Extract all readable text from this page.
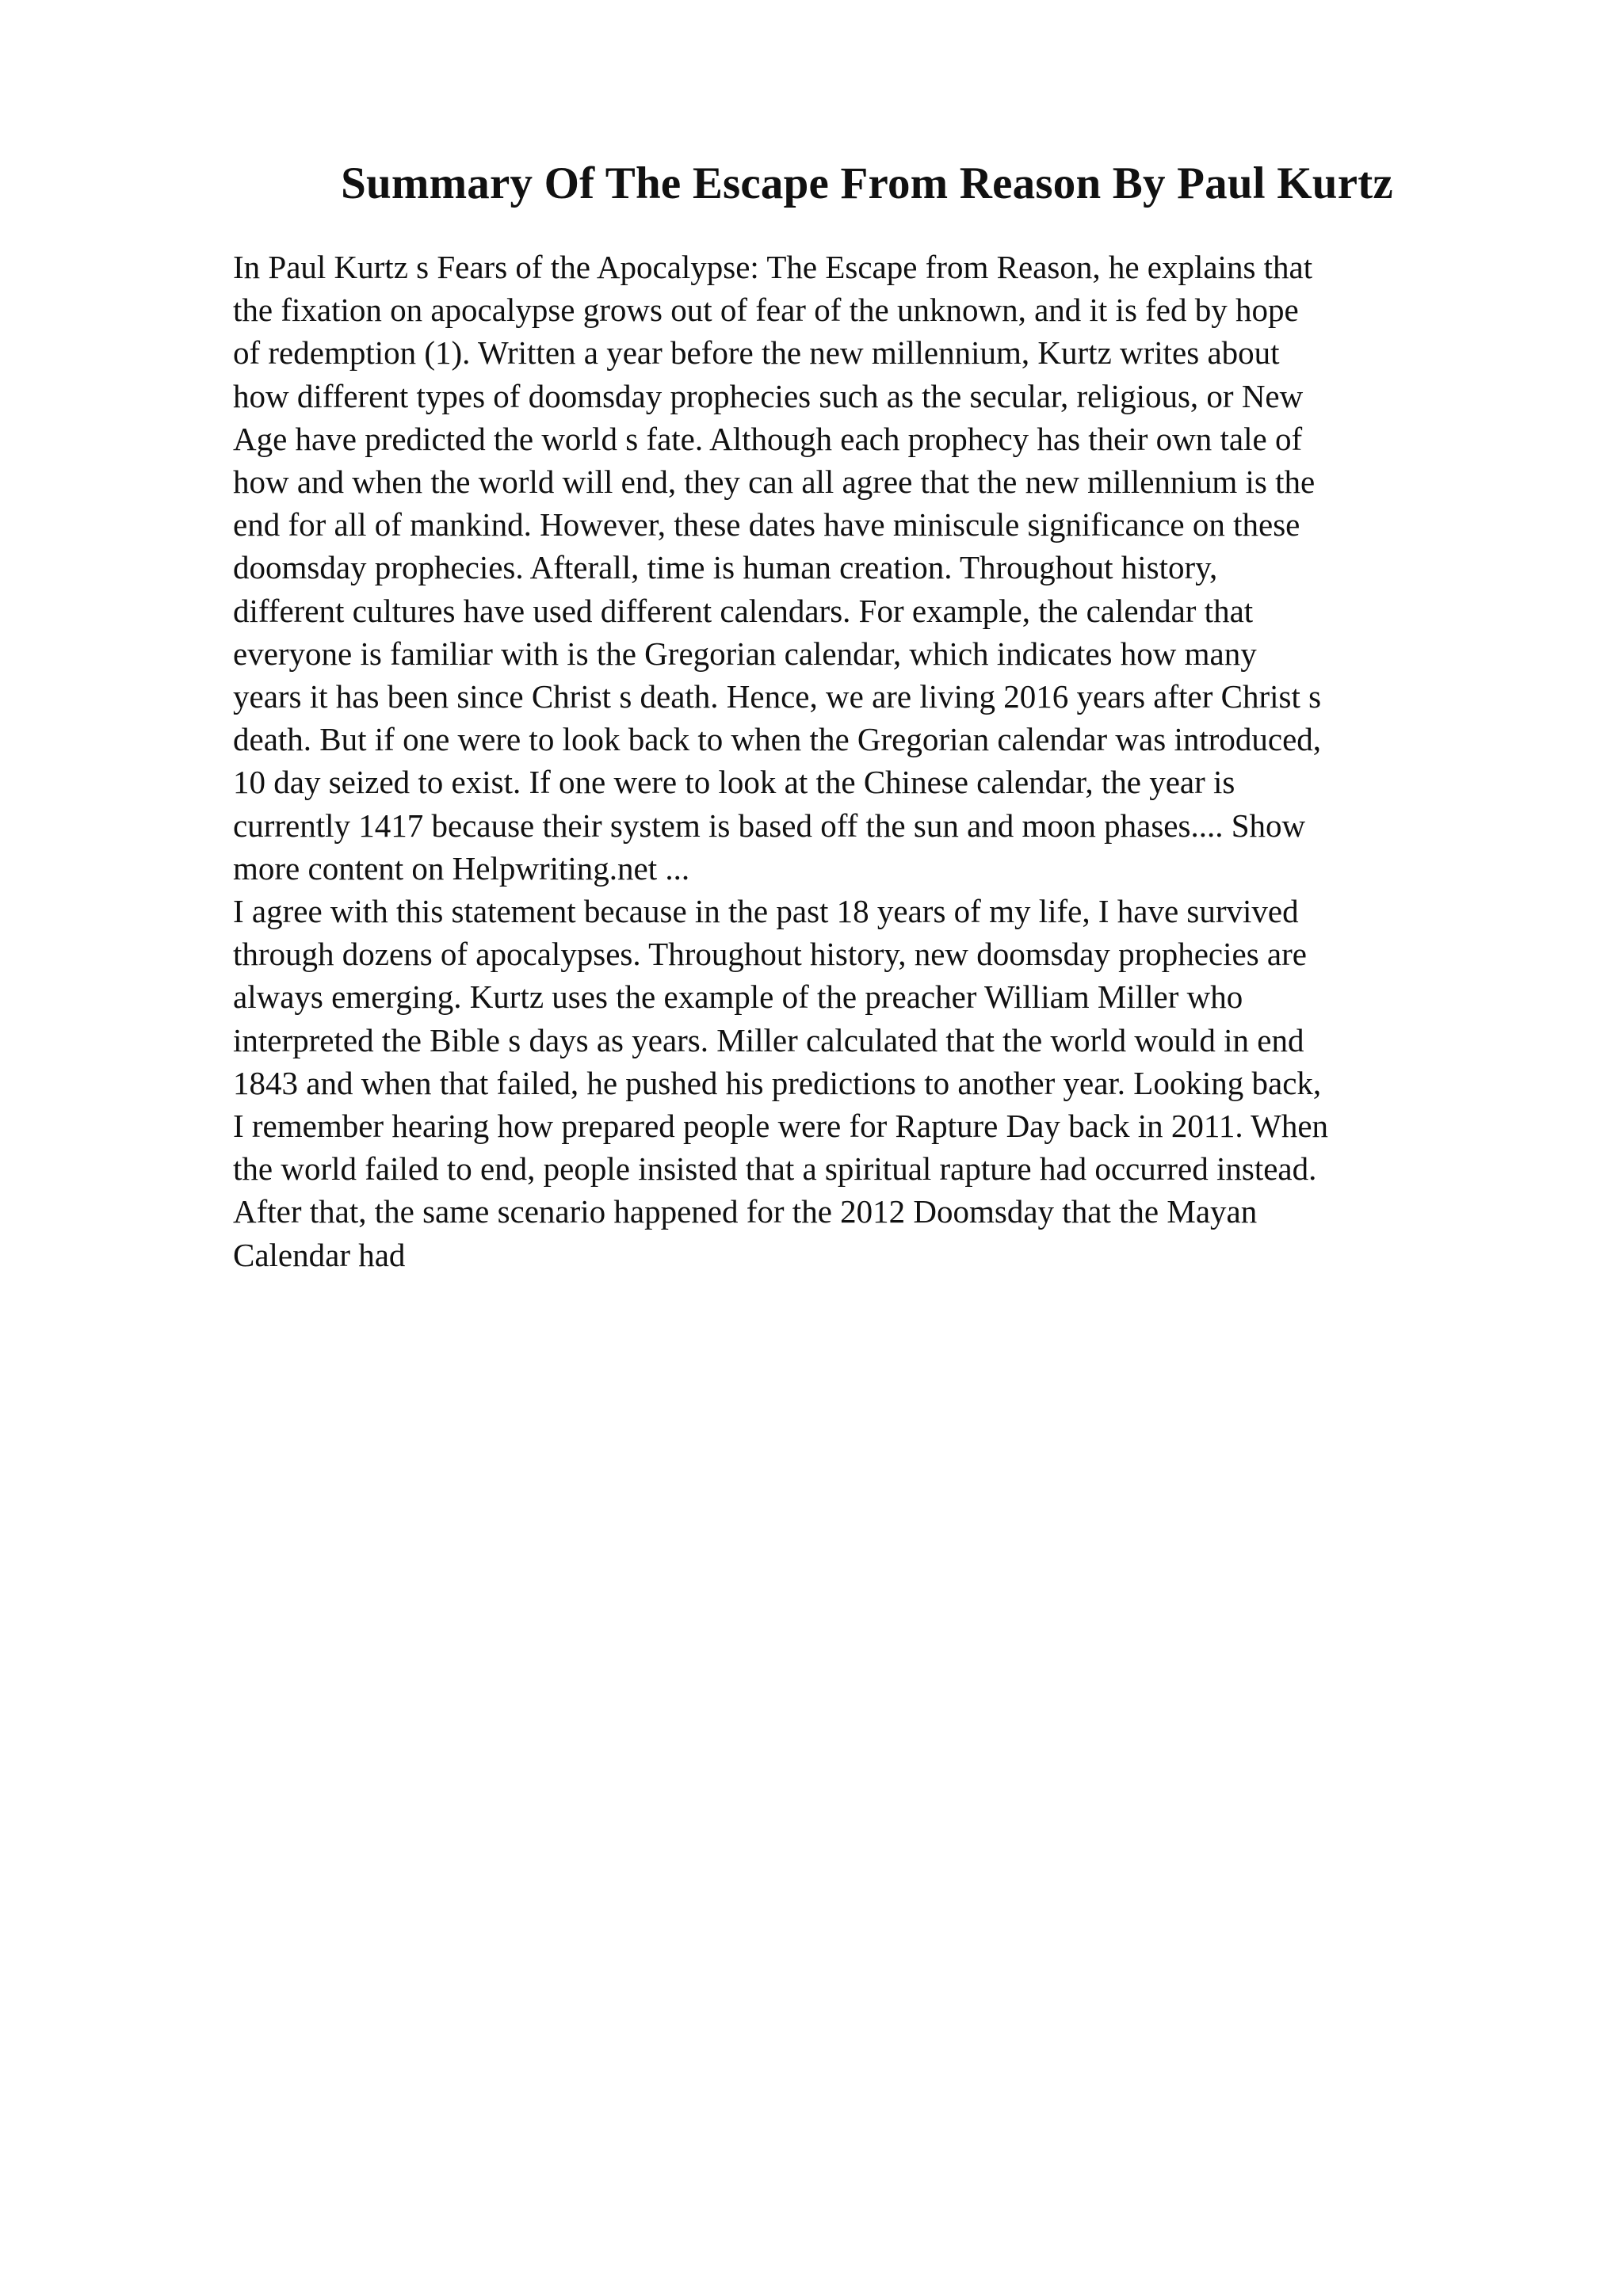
Summary Of The Escape From Reason By Paul Kurtz

In Paul Kurtz s Fears of the Apocalypse: The Escape from Reason, he explains that
the fixation on apocalypse grows out of fear of the unknown, and it is fed by hope
of redemption (1). Written a year before the new millennium, Kurtz writes about
how different types of doomsday prophecies such as the secular, religious, or New
Age have predicted the world s fate. Although each prophecy has their own tale of
how and when the world will end, they can all agree that the new millennium is the
end for all of mankind. However, these dates have miniscule significance on these
doomsday prophecies. Afterall, time is human creation. Throughout history,
different cultures have used different calendars. For example, the calendar that
everyone is familiar with is the Gregorian calendar, which indicates how many
years it has been since Christ s death. Hence, we are living 2016 years after Christ s
death. But if one were to look back to when the Gregorian calendar was introduced,
10 day seized to exist. If one were to look at the Chinese calendar, the year is
currently 1417 because their system is based off the sun and moon phases.... Show
more content on Helpwriting.net ...

I agree with this statement because in the past 18 years of my life, I have survived
through dozens of apocalypses. Throughout history, new doomsday prophecies are
always emerging. Kurtz uses the example of the preacher William Miller who
interpreted the Bible s days as years. Miller calculated that the world would in end
1843 and when that failed, he pushed his predictions to another year. Looking back,
I remember hearing how prepared people were for Rapture Day back in 2011. When
the world failed to end, people insisted that a spiritual rapture had occurred instead.
After that, the same scenario happened for the 2012 Doomsday that the Mayan
Calendar had
